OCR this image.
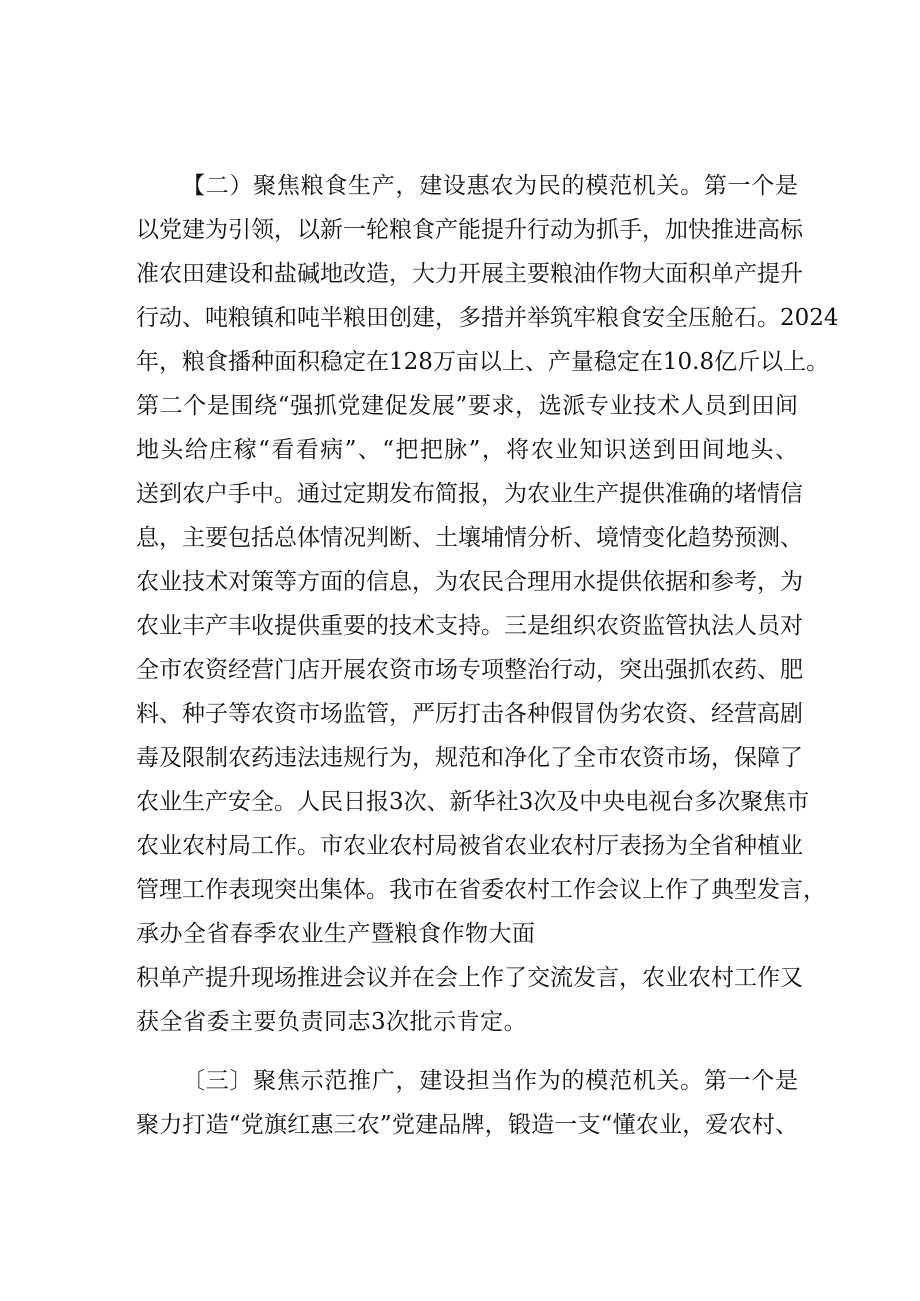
【二）聚焦粮食生产，建设惠农为民的模范机关。第一个是
以党建为引领，以新一轮粮食产能提升行动为抓手，加快推进高标
准农田建设和盐碱地改造，大力开展主要粮油作物大面积单产提升
行动、吨粮镇和吨半粮田创建，多措并举筑牢粮食安全压舱石。2024
年，粮食播种面积稳定在128万亩以上、产量稳定在10.8亿斤以上。
第二个是围绕“强抓党建促发展”要求，选派专业技术人员到田间
地头给庄稼“看看病”、“把把脉”，将农业知识送到田间地头、
送到农户手中。通过定期发布简报，为农业生产提供准确的堵情信
息，主要包括总体情况判断、土壤埔情分析、境情变化趋势预测、
农业技术对策等方面的信息，为农民合理用水提供依据和参考，为
农业丰产丰收提供重要的技术支持。三是组织农资监管执法人员对
全市农资经营门店开展农资市场专项整治行动，突出强抓农药、肥
料、种子等农资市场监管，严厉打击各种假冒伪劣农资、经营高剧
毒及限制农药违法违规行为，规范和净化了全市农资市场，保障了
农业生产安全。人民日报3次、新华社3次及中央电视台多次聚焦市
农业农村局工作。市农业农村局被省农业农村厅表扬为全省种植业
管理工作表现突出集体。我市在省委农村工作会议上作了典型发言，
承办全省春季农业生产暨粮食作物大面
积单产提升现场推进会议并在会上作了交流发言，农业农村工作又
获全省委主要负责同志3次批示肯定。
〔三〕聚焦示范推广，建设担当作为的模范机关。第一个是
聚力打造“党旗红惠三农”党建品牌，锻造一支“懂农业，爱农村、
